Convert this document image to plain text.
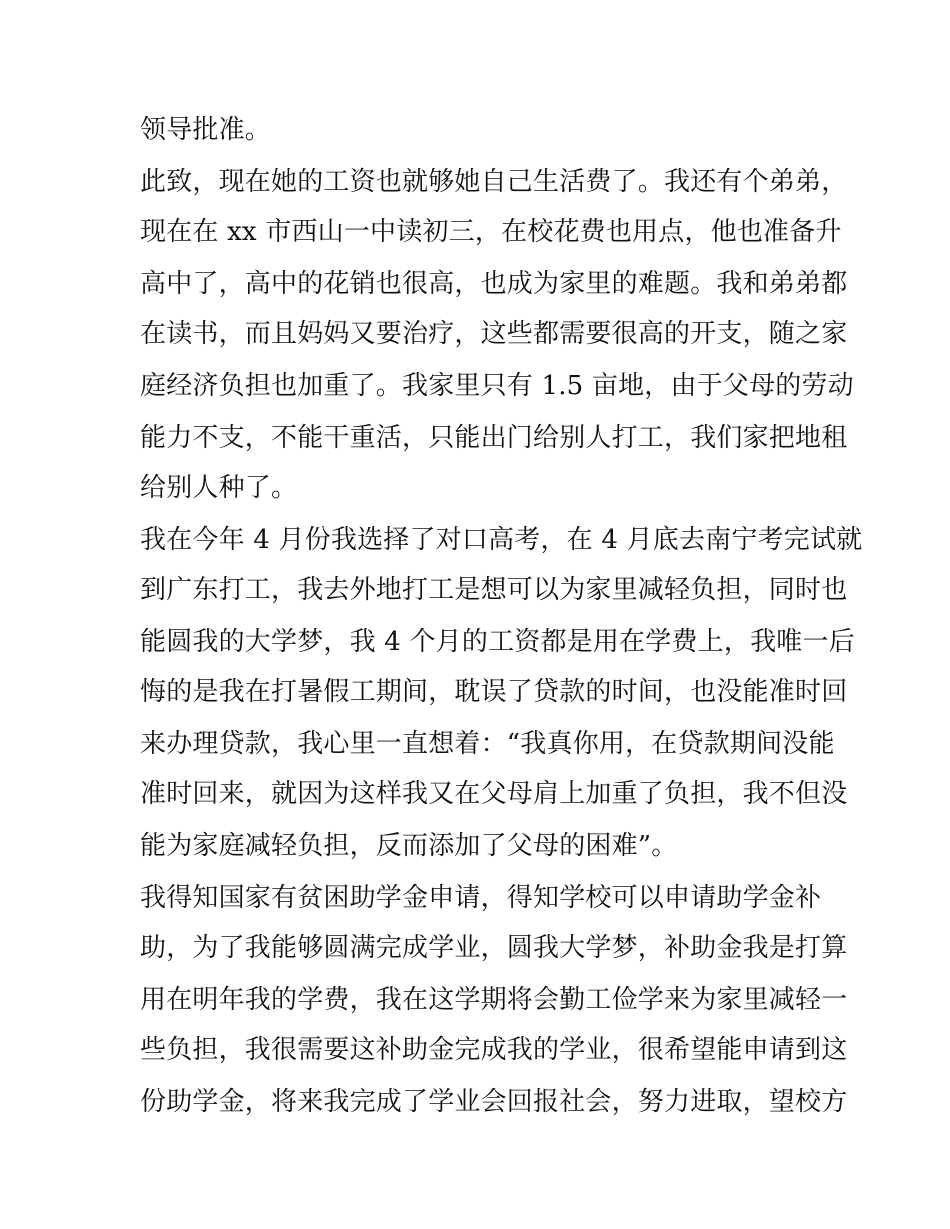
领导批准。
此致，现在她的工资也就够她自己生活费了。我还有个弟弟，
现在在 xx 市西山一中读初三，在校花费也用点，他也准备升
高中了，高中的花销也很高，也成为家里的难题。我和弟弟都
在读书，而且妈妈又要治疗，这些都需要很高的开支，随之家
庭经济负担也加重了。我家里只有 1.5 亩地，由于父母的劳动
能力不支，不能干重活，只能出门给别人打工，我们家把地租
给别人种了。
我在今年 4 月份我选择了对口高考，在 4 月底去南宁考完试就
到广东打工，我去外地打工是想可以为家里减轻负担，同时也
能圆我的大学梦，我 4 个月的工资都是用在学费上，我唯一后
悔的是我在打暑假工期间，耽误了贷款的时间，也没能准时回
来办理贷款，我心里一直想着：“我真你用，在贷款期间没能
准时回来，就因为这样我又在父母肩上加重了负担，我不但没
能为家庭减轻负担，反而添加了父母的困难”。
我得知国家有贫困助学金申请，得知学校可以申请助学金补
助，为了我能够圆满完成学业，圆我大学梦，补助金我是打算
用在明年我的学费，我在这学期将会勤工俭学来为家里减轻一
些负担，我很需要这补助金完成我的学业，很希望能申请到这
份助学金，将来我完成了学业会回报社会，努力进取，望校方
